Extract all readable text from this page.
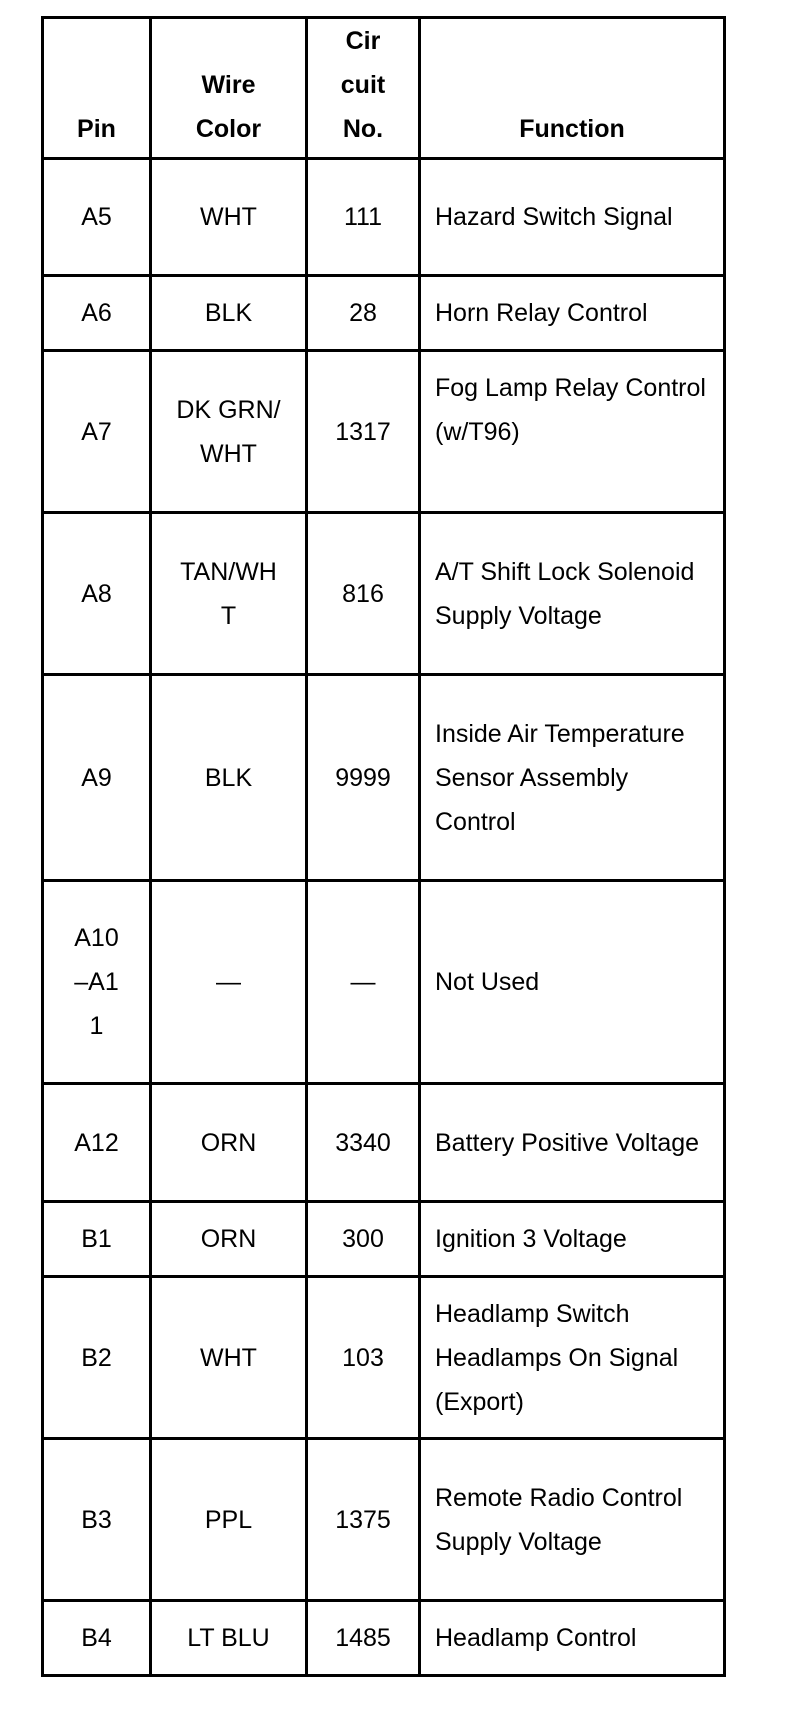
Pin	Wire Color	Cir cuit No.	Function
A5	WHT	111	Hazard Switch Signal
A6	BLK	28	Horn Relay Control
A7	DK GRN/WHT	1317	Fog Lamp Relay Control (w/T96)
A8	TAN/WHT	816	A/T Shift Lock Solenoid Supply Voltage
A9	BLK	9999	Inside Air Temperature Sensor Assembly Control
A10–A11	—	—	Not Used
A12	ORN	3340	Battery Positive Voltage
B1	ORN	300	Ignition 3 Voltage
B2	WHT	103	Headlamp Switch Headlamps On Signal (Export)
B3	PPL	1375	Remote Radio Control Supply Voltage
B4	LT BLU	1485	Headlamp Control
